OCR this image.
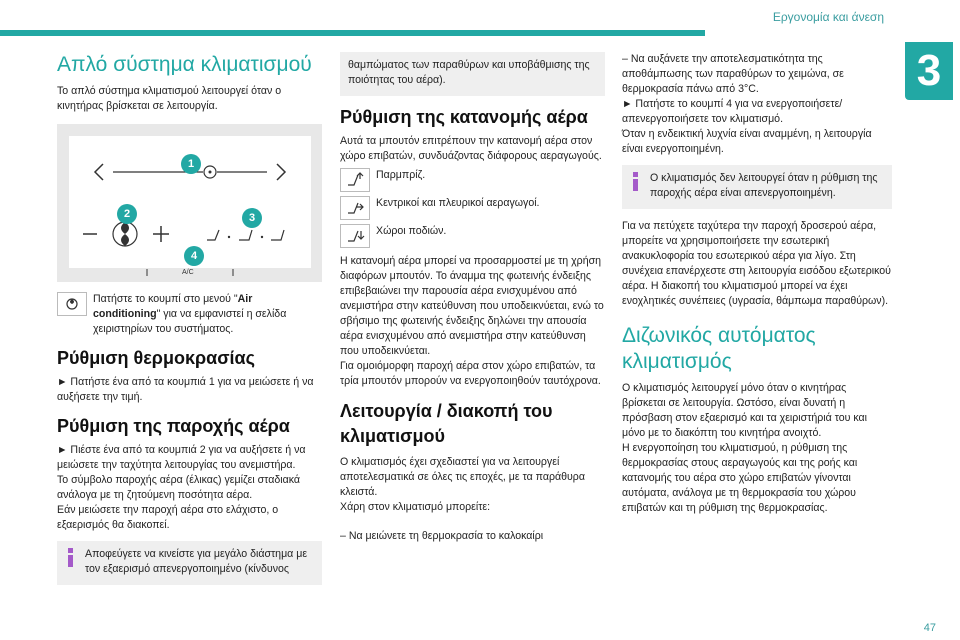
Εργονομία και άνεση
3
47
Απλό σύστημα κλιματισμού

Το απλό σύστημα κλιματισμού λειτουργεί όταν ο κινητήρας βρίσκεται σε λειτουργία.

A/C
1
2	3
4
Πατήστε το κουμπί στο μενού "Air conditioning" για να εμφανιστεί η σελίδα χειριστηρίων του συστήματος.
Ρύθμιση θερμοκρασίας

► Πατήστε ένα από τα κουμπιά 1 για να μειώσετε ή να αυξήσετε την τιμή.

Ρύθμιση της παροχής αέρα

► Πιέστε ένα από τα κουμπιά 2 για να αυξήσετε ή να μειώσετε την ταχύτητα λειτουργίας του ανεμιστήρα.

Το σύμβολο παροχής αέρα (έλικας) γεμίζει σταδιακά ανάλογα με τη ζητούμενη ποσότητα αέρα.

Εάν μειώσετε την παροχή αέρα στο ελάχιστο, ο εξαερισμός θα διακοπεί.

Αποφεύγετε να κινείστε για μεγάλο διάστημα με τον εξαερισμό απενεργοποιημένο (κίνδυνος
θαμπώματος των παραθύρων και υποβάθμισης της ποιότητας του αέρα).
Ρύθμιση της κατανομής αέρα

Αυτά τα μπουτόν επιτρέπουν την κατανομή αέρα στον χώρο επιβατών, συνδυάζοντας διάφορους αεραγωγούς.

Παρμπρίζ.
Κεντρικοί και πλευρικοί αεραγωγοί.
Χώροι ποδιών.

Η κατανομή αέρα μπορεί να προσαρμοστεί με τη χρήση διαφόρων μπουτόν. Το άναμμα της φωτεινής ένδειξης επιβεβαιώνει την παρουσία αέρα ενισχυμένου από ανεμιστήρα στην κατεύθυνση που υποδεικνύεται, ενώ το σβήσιμο της φωτεινής ένδειξης δηλώνει την απουσία αέρα ενισχυμένου από ανεμιστήρα στην κατεύθυνση που υποδεικνύεται.

Για ομοιόμορφη παροχή αέρα στον χώρο επιβατών, τα τρία μπουτόν μπορούν να ενεργοποιηθούν ταυτόχρονα.

Λειτουργία / διακοπή του κλιματισμού

Ο κλιματισμός έχει σχεδιαστεί για να λειτουργεί αποτελεσματικά σε όλες τις εποχές, με τα παράθυρα κλειστά.

Χάρη στον κλιματισμό μπορείτε:

– Να μειώνετε τη θερμοκρασία το καλοκαίρι

– Να αυξάνετε την αποτελεσματικότητα της αποθάμπωσης των παραθύρων το χειμώνα, σε θερμοκρασία πάνω από 3°C.

► Πατήστε το κουμπί 4 για να ενεργοποιήσετε/ απενεργοποιήσετε τον κλιματισμό.

Όταν η ενδεικτική λυχνία είναι αναμμένη, η λειτουργία είναι ενεργοποιημένη.

Ο κλιματισμός δεν λειτουργεί όταν η ρύθμιση της παροχής αέρα είναι απενεργοποιημένη.

Για να πετύχετε ταχύτερα την παροχή δροσερού αέρα, μπορείτε να χρησιμοποιήσετε την εσωτερική ανακυκλοφορία του εσωτερικού αέρα για λίγο. Στη συνέχεια επανέρχεστε στη λειτουργία εισόδου εξωτερικού αέρα. Η διακοπή του κλιματισμού μπορεί να έχει ενοχλητικές συνέπειες (υγρασία, θάμπωμα παραθύρων).

Διζωνικός αυτόματος κλιματισμός

Ο κλιματισμός λειτουργεί μόνο όταν ο κινητήρας βρίσκεται σε λειτουργία. Ωστόσο, είναι δυνατή η πρόσβαση στον εξαερισμό και τα χειριστήριά του και μόνο με το διακόπτη του κινητήρα ανοιχτό.

Η ενεργοποίηση του κλιματισμού, η ρύθμιση της θερμοκρασίας στους αεραγωγούς και της ροής και κατανομής του αέρα στο χώρο επιβατών γίνονται αυτόματα, ανάλογα με τη θερμοκρασία του χώρου επιβατών και τη ρύθμιση της θερμοκρασίας.
